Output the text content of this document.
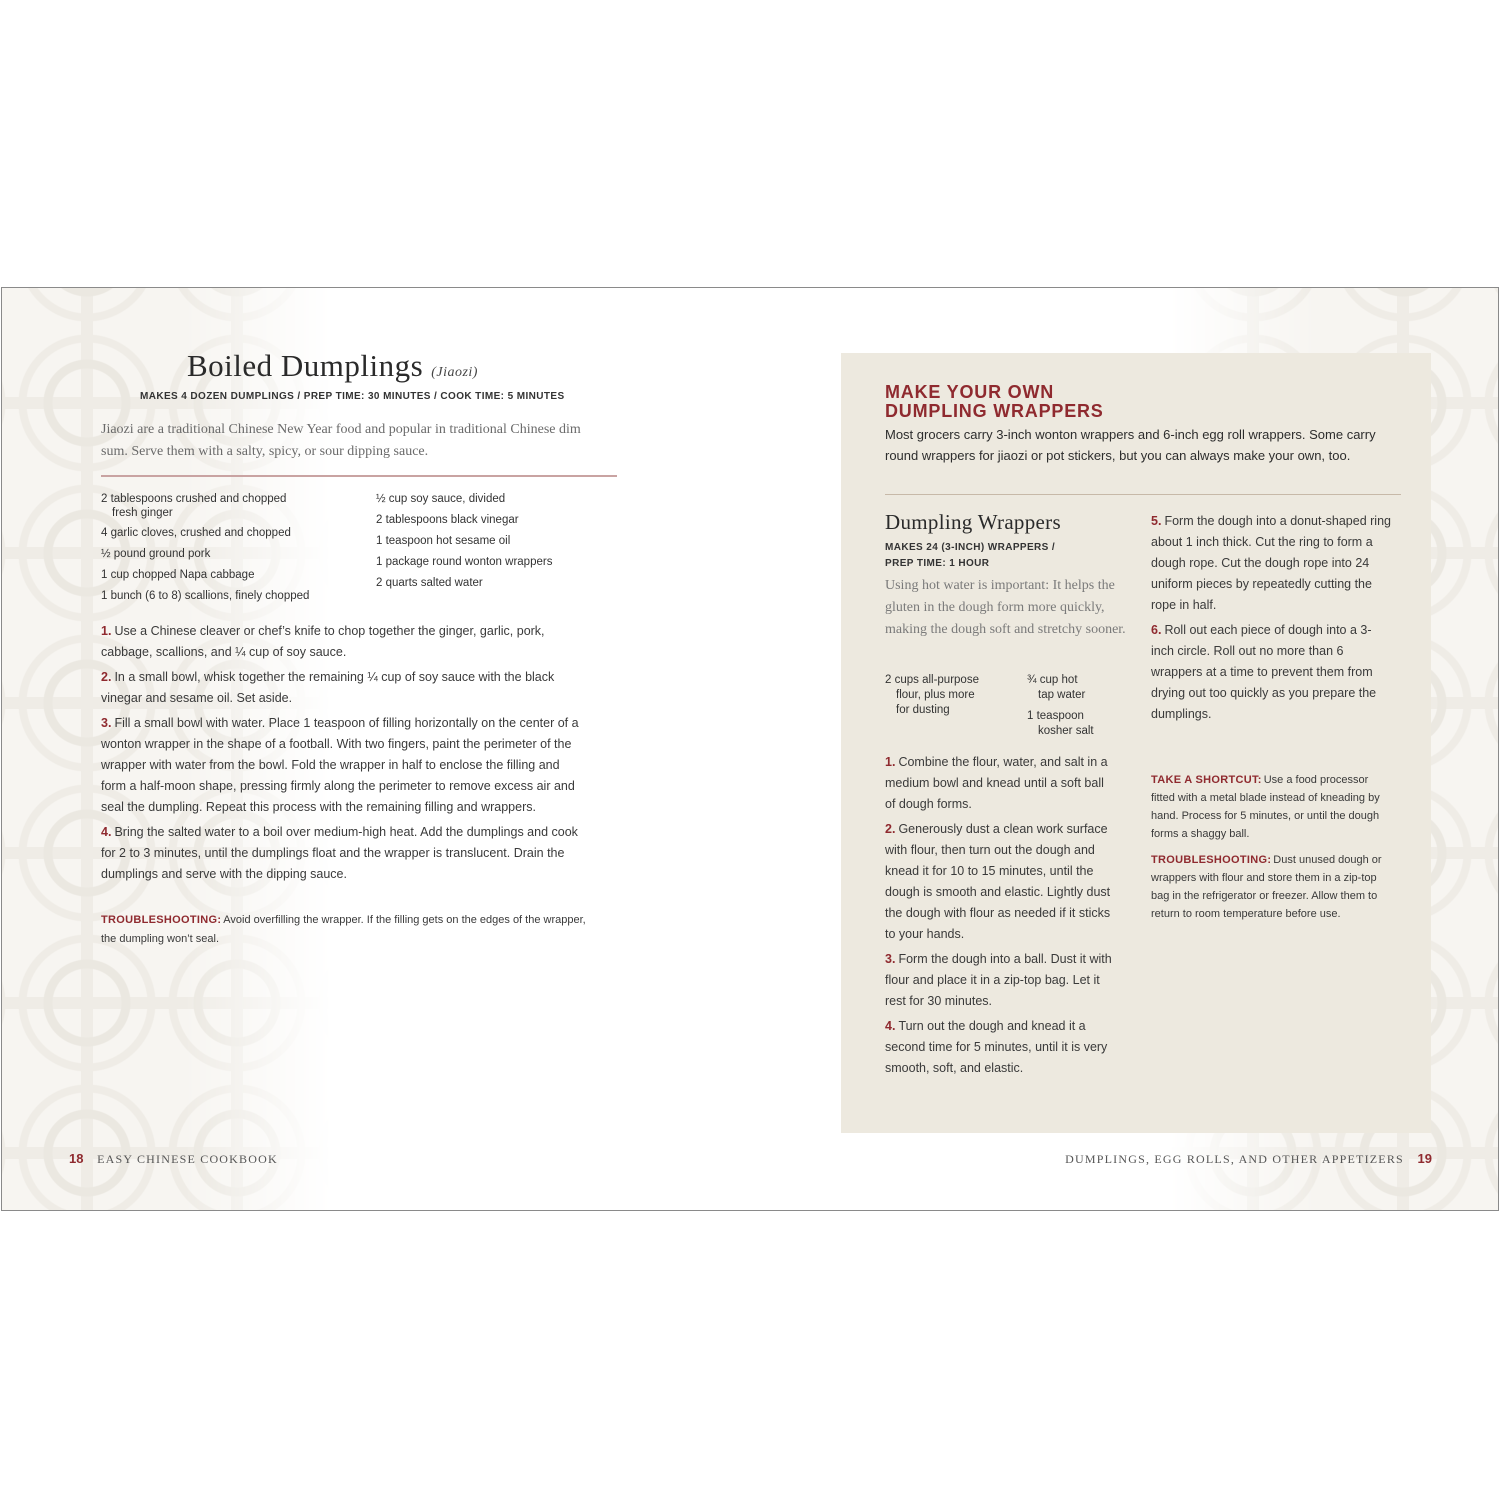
Boiled Dumplings (Jiaozi)
MAKES 4 DOZEN DUMPLINGS / PREP TIME: 30 MINUTES / COOK TIME: 5 MINUTES

Jiaozi are a traditional Chinese New Year food and popular in traditional Chinese dim sum. Serve them with a salty, spicy, or sour dipping sauce.

2 tablespoons crushed and chopped
fresh ginger
4 garlic cloves, crushed and chopped
½ pound ground pork
1 cup chopped Napa cabbage
1 bunch (6 to 8) scallions, finely chopped
½ cup soy sauce, divided
2 tablespoons black vinegar
1 teaspoon hot sesame oil
1 package round wonton wrappers
2 quarts salted water
1. Use a Chinese cleaver or chef’s knife to chop together the ginger, garlic, pork, cabbage, scallions, and ¼ cup of soy sauce.
2. In a small bowl, whisk together the remaining ¼ cup of soy sauce with the black vinegar and sesame oil. Set aside.
3. Fill a small bowl with water. Place 1 teaspoon of filling horizontally on the center of a wonton wrapper in the shape of a football. With two fingers, paint the perimeter of the wrapper with water from the bowl. Fold the wrapper in half to enclose the filling and form a half-moon shape, pressing firmly along the perimeter to remove excess air and seal the dumpling. Repeat this process with the remaining filling and wrappers.
4. Bring the salted water to a boil over medium-high heat. Add the dumplings and cook for 2 to 3 minutes, until the dumplings float and the wrapper is translucent. Drain the dumplings and serve with the dipping sauce.
TROUBLESHOOTING: Avoid overfilling the wrapper. If the filling gets on the edges of the wrapper, the dumpling won’t seal.
MAKE YOUR OWN
DUMPLING WRAPPERS

Most grocers carry 3-inch wonton wrappers and 6-inch egg roll wrappers. Some carry round wrappers for jiaozi or pot stickers, but you can always make your own, too.

Dumpling Wrappers
MAKES 24 (3-INCH) WRAPPERS /
PREP TIME: 1 HOUR

Using hot water is important: It helps the gluten in the dough form more quickly, making the dough soft and stretchy sooner.

2 cups all-purpose
flour, plus more
for dusting
¾ cup hot
tap water
1 teaspoon
kosher salt
1. Combine the flour, water, and salt in a medium bowl and knead until a soft ball of dough forms.
2. Generously dust a clean work surface with flour, then turn out the dough and knead it for 10 to 15 minutes, until the dough is smooth and elastic. Lightly dust the dough with flour as needed if it sticks to your hands.
3. Form the dough into a ball. Dust it with flour and place it in a zip-top bag. Let it rest for 30 minutes.
4. Turn out the dough and knead it a second time for 5 minutes, until it is very smooth, soft, and elastic.
5. Form the dough into a donut-shaped ring about 1 inch thick. Cut the ring to form a dough rope. Cut the dough rope into 24 uniform pieces by repeatedly cutting the rope in half.
6. Roll out each piece of dough into a 3-inch circle. Roll out no more than 6 wrappers at a time to prevent them from drying out too quickly as you prepare the dumplings.

TAKE A SHORTCUT: Use a food processor fitted with a metal blade instead of kneading by hand. Process for 5 minutes, or until the dough forms a shaggy ball.

TROUBLESHOOTING: Dust unused dough or wrappers with flour and store them in a zip-top bag in the refrigerator or freezer. Allow them to return to room temperature before use.

18 EASY CHINESE COOKBOOK	DUMPLINGS, EGG ROLLS, AND OTHER APPETIZERS 19
